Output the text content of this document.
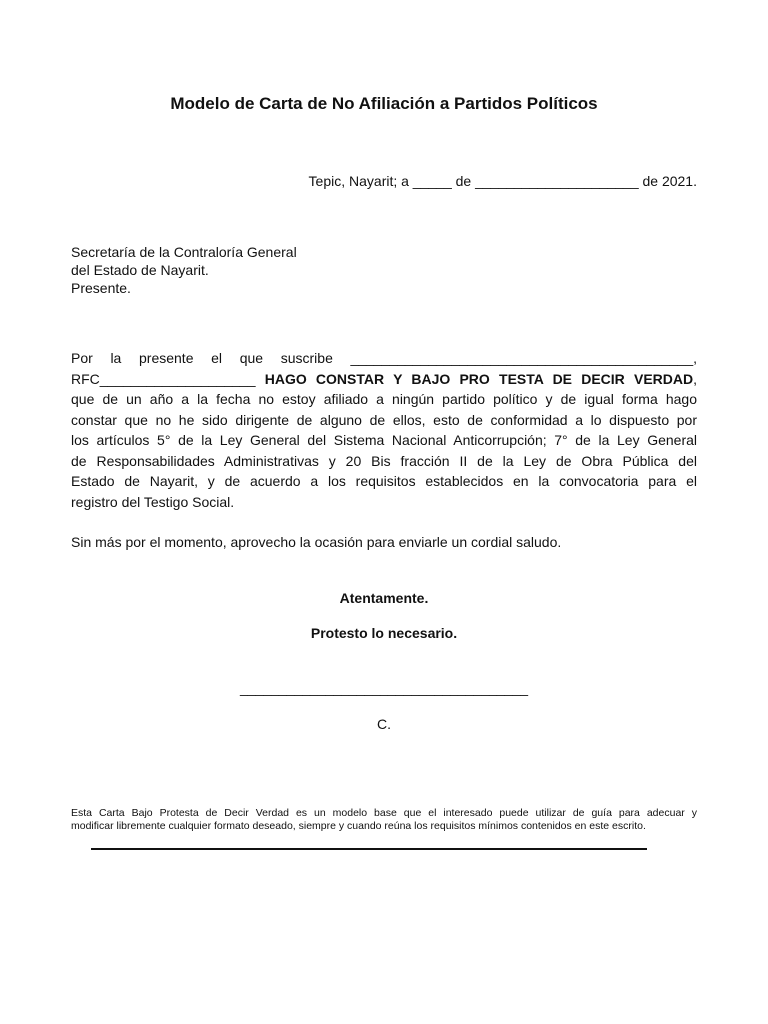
Modelo de Carta de No Afiliación a Partidos Políticos
Tepic, Nayarit; a _____ de _____________________ de 2021.
Secretaría de la Contraloría General
del Estado de Nayarit.
Presente.
Por la presente el que suscribe ____________________________________________,
RFC____________________ HAGO CONSTAR Y BAJO PRO TESTA DE DECIR VERDAD,
que de un año a la fecha no estoy afiliado a ningún partido político y de igual forma hago
constar que no he sido dirigente de alguno de ellos, esto de conformidad a lo dispuesto por
los artículos 5° de la Ley General del Sistema Nacional Anticorrupción; 7° de la Ley General
de Responsabilidades Administrativas y 20 Bis fracción II de la Ley de Obra Pública del
Estado de Nayarit, y de acuerdo a los requisitos establecidos en la convocatoria para el
registro del Testigo Social.
Sin más por el momento, aprovecho la ocasión para enviarle un cordial saludo.
Atentamente.
Protesto lo necesario.
_____________________________________
C.
Esta Carta Bajo Protesta de Decir Verdad es un modelo base que el interesado puede utilizar de guía para adecuar y
modificar libremente cualquier formato deseado, siempre y cuando reúna los requisitos mínimos contenidos en este escrito.
